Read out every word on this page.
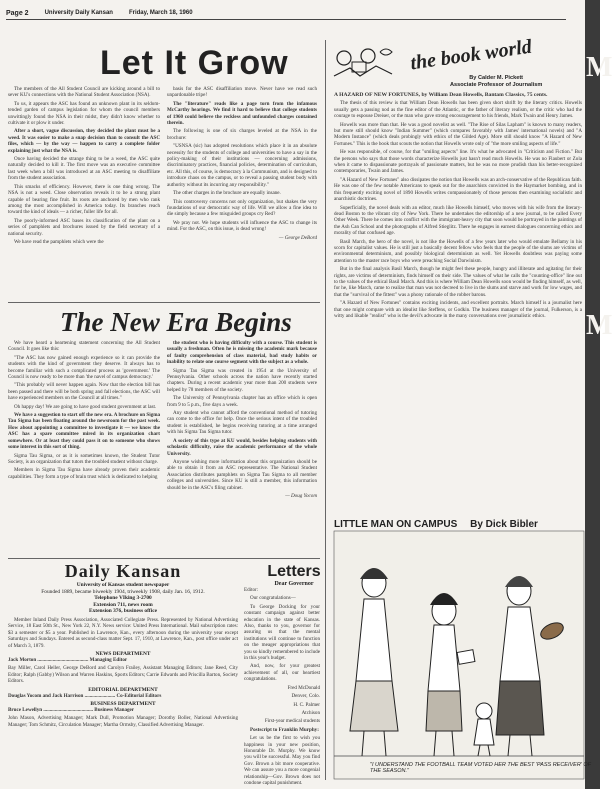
Page 2	University Daily Kansan	Friday, March 18, 1960
M
M
Let It Grow

The members of the All Student Council are kicking around a bill to sever KU's connections with the National Student Association (NSA).

To us, it appears the ASC has found an unknown plant in its seldom-tended garden of campus legislation for whom the council members unwittingly found the NSA in their midst, they didn't know whether to cultivate it or plow it under.

After a short, vague discussion, they decided the plant must be a weed. It was easier to make a snap decision than to consult the ASC files, which — by the way — happen to carry a complete folder explaining just what the NSA is.

Once having decided the strange thing to be a weed, the ASC quite naturally decided to kill it. The first move was an executive committee last week when a bill was introduced at an ASC meeting to disaffiliate from the student association.

This smacks of efficiency. However, there is one thing wrong. The NSA is not a weed. Close observation reveals it to be a strong plant capable of bearing fine fruit. Its roots are anchored by men who rank among the most accomplished in America today. Its branches reach toward the kind of ideals — a richer, fuller life for all.

The poorly-informed ASC bases its classification of the plant on a series of pamphlets and brochures issued by the field secretary of a national security.

We have read the pamphlets which were the

basis for the ASC disaffiliation move. Never have we read such unpardonable tripe!

The "literature" reads like a page torn from the infamous McCarthy hearings. We find it hard to believe that college students of 1960 could believe the reckless and unfounded charges contained therein.

The following is one of six charges leveled at the NSA in the brochure:

"USNSA (sic) has adopted resolutions which place it in an absolute necessity for the students of college and universities to have a say in the policy-making of their institutions — concerning admissions, discriminatory practices, financial policies, determination of curriculum, etc. All this, of course, is democracy à la Communism, and is designed to introduce chaos on the campus, or to reveal a passing student body with authority without its incurring any responsibility."

The other charges in the brochure are equally insane.

This controversy concerns not only organization, but shakes the very foundations of our democratic way of life. Will we allow a fine idea to die simply because a few misguided groups cry Red?

We pray not. We hope students will influence the ASC to change its mind. For the ASC, on this issue, is dead wrong!

— George DeBord
The New Era Begins

We have heard a heartening statement concerning the All Student Council. It goes like this:

"The ASC has now gained enough experience so it can provide the students with the kind of government they deserve. It always has to become familiar with such a complicated process as 'government.' The Council is now ready to be more than 'the navel of campus democracy.'

"This probably will never happen again. Now that the election bill has been passed and there will be both spring and fall elections, the ASC will have experienced members on the Council at all times."

Oh happy day! We are going to have good student government at last.

We have a suggestion to start off the new era. A brochure on Sigma Tau Sigma has been floating around the newsroom for the past week. How about appointing a committee to investigate it — we know the ASC has a spare committee mired in its organization chart somewhere. Or at least they could pass it on to someone who shows some interest in this sort of thing.

Sigma Tau Sigma, or as it is sometimes known, the Student Tutor Society, is an organization that tutors the troubled student without charge.

Members in Sigma Tau Sigma have already proven their academic capabilities. They form a type of brain trust which is dedicated to helping

the student who is having difficulty with a course. This student is usually a freshman. Often he is missing the academic mark because of faulty comprehension of class material, bad study habits or inability to relate one course segment with the subject as a whole.

Sigma Tau Sigma was created in 1954 at the University of Pennsylvania. Other schools across the nation have recently started chapters. During a recent academic year more than 200 students were helped by 78 members of the society.

The University of Pennsylvania chapter has an office which is open from 9 to 5 p.m., five days a week.

Any student who cannot afford the conventional method of tutoring can come to the office for help. Once the serious intent of the troubled student is established, he begins receiving tutoring at a time arranged with his Sigma Tau Sigma tutor.

A society of this type at KU would, besides helping students with scholastic difficulty, raise the academic performance of the whole University.

Anyone wishing more information about this organization should be able to obtain it from an ASC representative. The National Student Association distributes pamphlets on Sigma Tau Sigma to all member colleges and universities. Since KU is still a member, this information should be in the ASC's filing cabinet.

— Doug Yocom
Daily Kansan
University of Kansas student newspaper
Founded 1889, became biweekly 1904, triweekly 1908, daily Jan. 16, 1912.
Telephone VIking 3-2700
Extension 711, news room
Extension 376, business office

Member Inland Daily Press Association, Associated Collegiate Press. Represented by National Advertising Service, 18 East 50th St., New York 22, N.Y. News service: United Press International. Mail subscription rates: $3 a semester or $5 a year. Published in Lawrence, Kan., every afternoon during the university year except Saturdays and Sundays. Entered as second-class matter Sept. 17, 1910, at Lawrence, Kan., post office under act of March 3, 1879.

NEWS DEPARTMENT

Jack Morton ........................................ Managing Editor

Bay Miller, Carol Heller, George DeBord and Carolyn Frailey, Assistant Managing Editors; Jane Reed, City Editor; Ralph (Gabby) Wilson and Warren Haskins, Sports Editors; Carrie Edwards and Priscilla Barton, Society Editors.

EDITORIAL DEPARTMENT

Douglas Yocom and Jack Harrison ........................ Co-Editorial Editors

BUSINESS DEPARTMENT

Bruce Lewellyn ....................................... Business Manager

John Mason, Advertising Manager; Mark Dull, Promotion Manager; Dorothy Boller, National Advertising Manager; Tom Schmitz, Circulation Manager; Martha Ormsby, Classified Advertising Manager.

Letters
Dear Governor

Editor:

Our congratulations—

To George Docking for your constant campaign against better education in the state of Kansas. Also, thanks to you, governor for assuring us that the mental institutions will continue to function on the meager appropriations that you so kindly remembered to include in this year's budget.

And, now, for your greatest achievement of all, our heartiest congratulations.

Fred McDonald

Denver, Colo.

H. C. Palmer

Atchison

First-year medical students

Postscript to Franklin Murphy:

Let us be the first to wish you happiness in your new position, Honorable Dr. Murphy. We know you will be successful. May you find Gov. Brown a bit more cooperative. We can assure you a more congenial relationship—Gov. Brown does not condone capital punishment.

the book world
By Calder M. Pickett
Associate Professor of Journalism

A HAZARD OF NEW FORTUNES, by William Dean Howells, Bantam Classics, 75 cents.

The thesis of this review is that William Dean Howells has been given short shrift by the literary critics. Howells usually gets a passing nod as the fine editor of the Atlantic, or the father of literary realism, or the critic who had the courage to espouse Dreiser, or the man who gave strong encouragement to his friends, Mark Twain and Henry James.

Howells was more than that. He was a good novelist as well. "The Rise of Silas Lapham" is known to many readers, but more still should know "Indian Summer" (which compares favorably with James' international novels) and "A Modern Instance" (which deals probingly with ethics of the Gilded Age). More still should know "A Hazard of New Fortunes." This is the book that scouts the notion that Howells wrote only of "the more smiling aspects of life."

He was responsible, of course, for that "smiling aspects" line. It's what he advocated in "Criticism and Fiction." But the persons who says that those words characterize Howells just hasn't read much Howells. He was no Flaubert or Zola when it came to dispassionate portrayals of passionate matters, but he was no more prudish than his better-recognized contemporaries, Twain and James.

"A Hazard of New Fortunes" also dissipates the notion that Howells was an arch-conservative of the Republican faith. He was one of the few notable Americans to speak out for the anarchists convicted in the Haymarket bombing, and in this frequently exciting novel of 1890 Howells writes compassionately of those persons then examining socialistic and anarchistic doctrines.

Superficially, the novel deals with an editor, much like Howells himself, who moves with his wife from the literary-dead Boston to the vibrant city of New York. There he undertakes the editorship of a new journal, to be called Every Other Week. There he comes into conflict with the immigrant-heavy city that soon would be portrayed in the paintings of the Ash Can School and the photographs of Alfred Stieglitz. There he engages in earnest dialogues concerning ethics and morality of that confused age.

Basil March, the hero of the novel, is not like the Howells of a few years later who would emulate Bellamy in his scorn for capitalist values. He is still just a basically decent fellow who feels that the people of the slums are victims of environmental determinism, and possibly biological determinism as well. Yet Howells doubtless was paying some attention to the master race boys who were preaching Social Darwinism.

But in the final analysis Basil March, though he might feel these people, hungry and illiterate and agitating for their rights, are victims of determinism, finds himself on their side. The values of what he calls the "counting-office" line out to the values of the ethical Basil March. And this is where William Dean Howells soon would be finding himself, as well, for he, like March, came to realize that man was not decreed to live in the slums and starve and work for low wages, and that the "survival of the fittest" was a phony rationale of the robber barons.

"A Hazard of New Fortunes" contains exciting incidents, and excellent portraits. March himself is a journalist here that one might compare with an idealist like Steffens, or Godkin. The business manager of the journal, Fulkerson, is a witty and likable "realist" who is the devil's advocate in the many conversations over journalistic ethics.

LITTLE MAN ON CAMPUS By Dick Bibler
"I UNDERSTAND THE FOOTBALL TEAM VOTED HER THE BEST 'PASS RECEIVER' OF THE SEASON."
